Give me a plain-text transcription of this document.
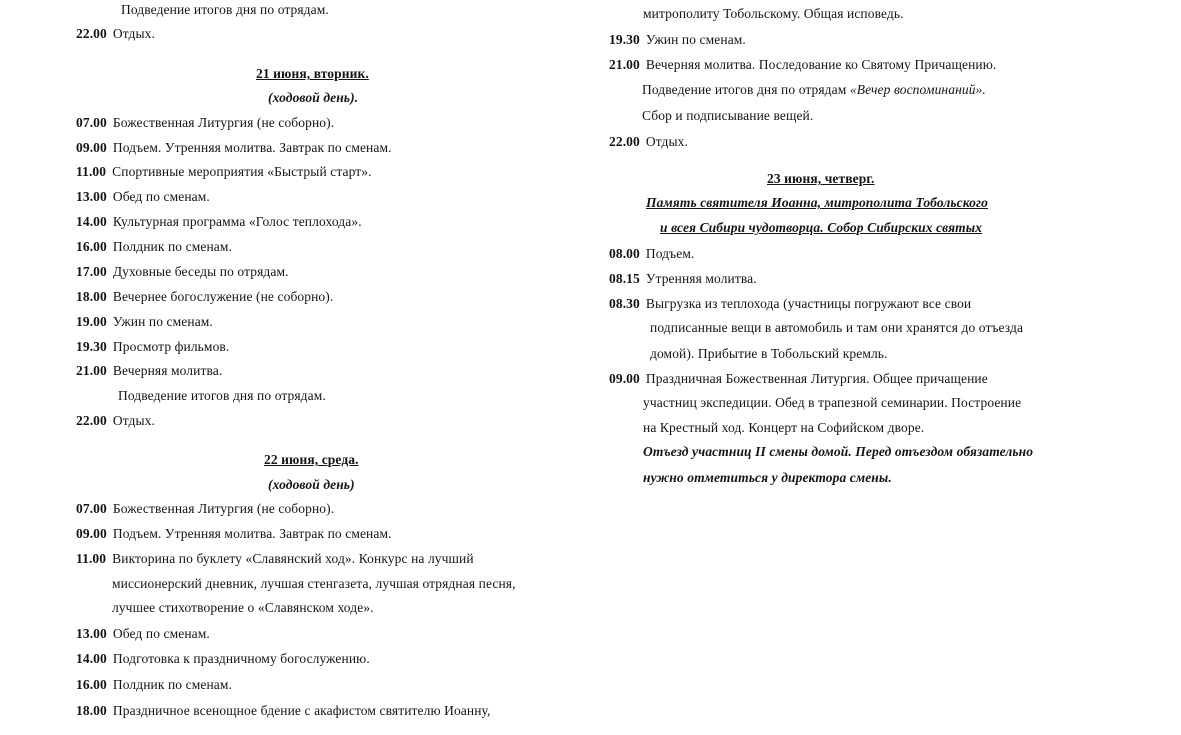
Подведение итогов дня по отрядам.
22.00 Отдых.
21 июня, вторник.
(ходовой день).
07.00 Божественная Литургия (не соборно).
09.00 Подъем. Утренняя молитва. Завтрак по сменам.
11.00 Спортивные мероприятия «Быстрый старт».
13.00 Обед по сменам.
14.00 Культурная программа «Голос теплохода».
16.00 Полдник по сменам.
17.00 Духовные беседы по отрядам.
18.00 Вечернее богослужение (не соборно).
19.00 Ужин по сменам.
19.30 Просмотр фильмов.
21.00 Вечерняя молитва.
Подведение итогов дня по отрядам.
22.00 Отдых.
22 июня, среда.
(ходовой день)
07.00 Божественная Литургия (не соборно).
09.00 Подъем. Утренняя молитва. Завтрак по сменам.
11.00 Викторина по буклету «Славянский ход». Конкурс на лучший
миссионерский дневник, лучшая стенгазета, лучшая отрядная песня,
лучшее стихотворение о «Славянском ходе».
13.00 Обед по сменам.
14.00 Подготовка к праздничному богослужению.
16.00 Полдник по сменам.
18.00 Праздничное всенощное бдение с акафистом святителю Иоанну,
митрополиту Тобольскому. Общая исповедь.
19.30 Ужин по сменам.
21.00 Вечерняя молитва. Последование ко Святому Причащению.
Подведение итогов дня по отрядам «Вечер воспоминаний».
Сбор и подписывание вещей.
22.00 Отдых.
23 июня, четверг.
Память святителя Иоанна, митрополита Тобольского
и всея Сибири чудотворца. Собор Сибирских святых
08.00 Подъем.
08.15 Утренняя молитва.
08.30 Выгрузка из теплохода (участницы погружают все свои
подписанные вещи в автомобиль и там они хранятся до отъезда
домой). Прибытие в Тобольский кремль.
09.00 Праздничная Божественная Литургия. Общее причащение
участниц экспедиции. Обед в трапезной семинарии. Построение
на Крестный ход. Концерт на Софийском дворе.
Отъезд участниц II смены домой. Перед отъездом обязательно
нужно отметиться у директора смены.
